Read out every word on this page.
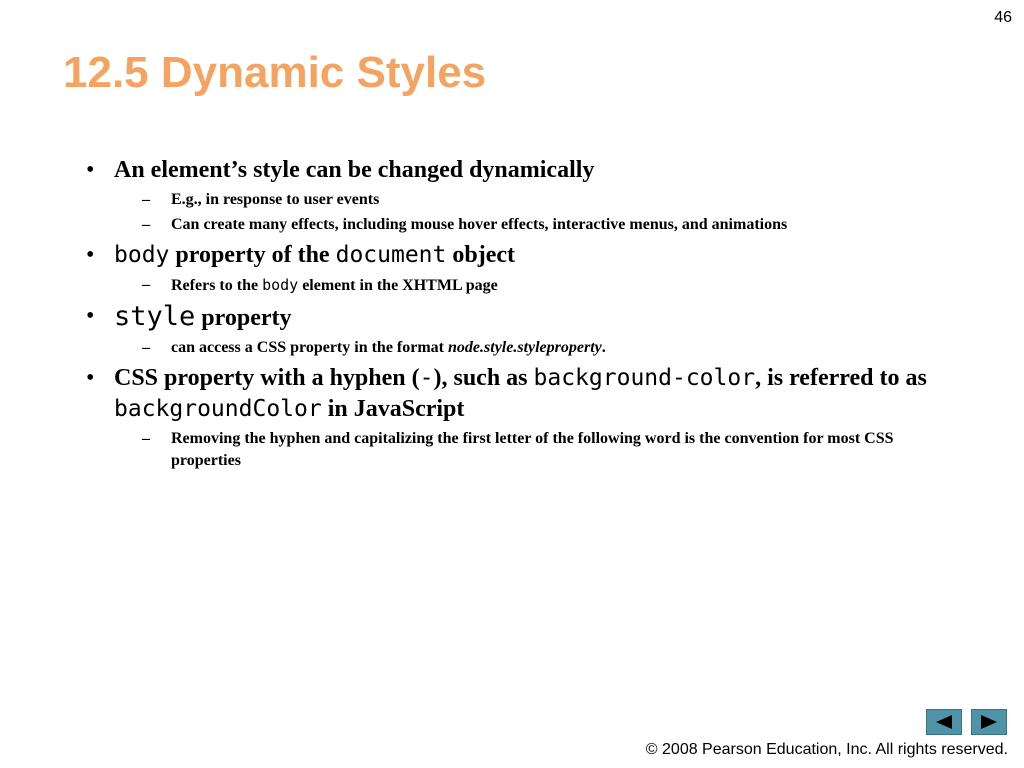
46
12.5 Dynamic Styles

• An element’s style can be changed dynamically

– E.g., in response to user events

– Can create many effects, including mouse hover effects, interactive menus, and animations

• body property of the document object

– Refers to the body element in the XHTML page

• style property

– can access a CSS property in the format node.style.styleproperty.

• CSS property with a hyphen (-), such as background-color, is referred to as backgroundColor in JavaScript

– Removing the hyphen and capitalizing the first letter of the following word is the convention for most CSS properties

© 2008 Pearson Education, Inc. All rights reserved.
